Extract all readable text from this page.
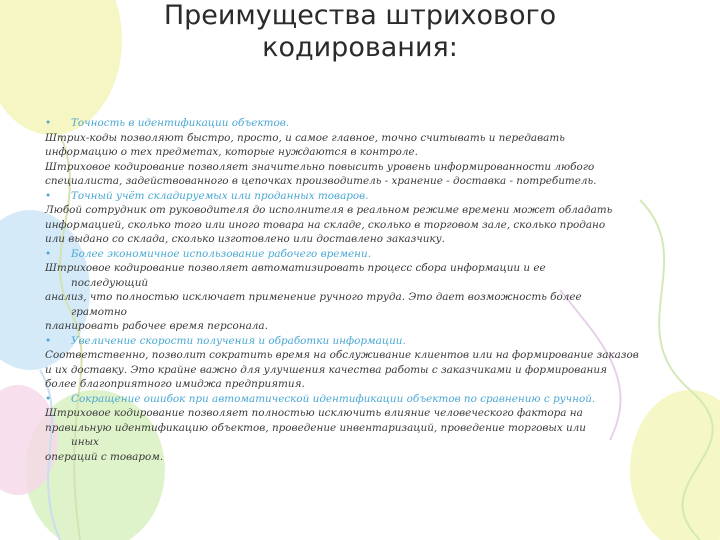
Преимущества штрихового
кодирования:
• Точность в идентификации объектов.
Штрих-коды позволяют быстро, просто, и самое главное, точно считывать и передавать
информацию о тех предметах, которые нуждаются в контроле.
Штриховое кодирование позволяет значительно повысить уровень информированности любого
специалиста, задействованного в цепочках производитель - хранение - доставка - потребитель.
• Точный учёт складируемых или проданных товаров.
Любой сотрудник от руководителя до исполнителя в реальном режиме времени может обладать
информацией, сколько того или иного товара на складе, сколько в торговом зале, сколько продано
или выдано со склада, сколько изготовлено или доставлено заказчику.
• Более экономичное использование рабочего времени.
Штриховое кодирование позволяет автоматизировать процесс сбора информации и ее
последующий
анализ, что полностью исключает применение ручного труда. Это дает возможность более
грамотно
планировать рабочее время персонала.
• Увеличение скорости получения и обработки информации.
Соответственно, позволит сократить время на обслуживание клиентов или на формирование заказов
и их доставку. Это крайне важно для улучшения качества работы с заказчиками и формирования
более благоприятного имиджа предприятия.
• Сокращение ошибок при автоматической идентификации объектов по сравнению с ручной.
Штриховое кодирование позволяет полностью исключить влияние человеческого фактора на
правильную идентификацию объектов, проведение инвентаризаций, проведение торговых или
иных
операций с товаром.
